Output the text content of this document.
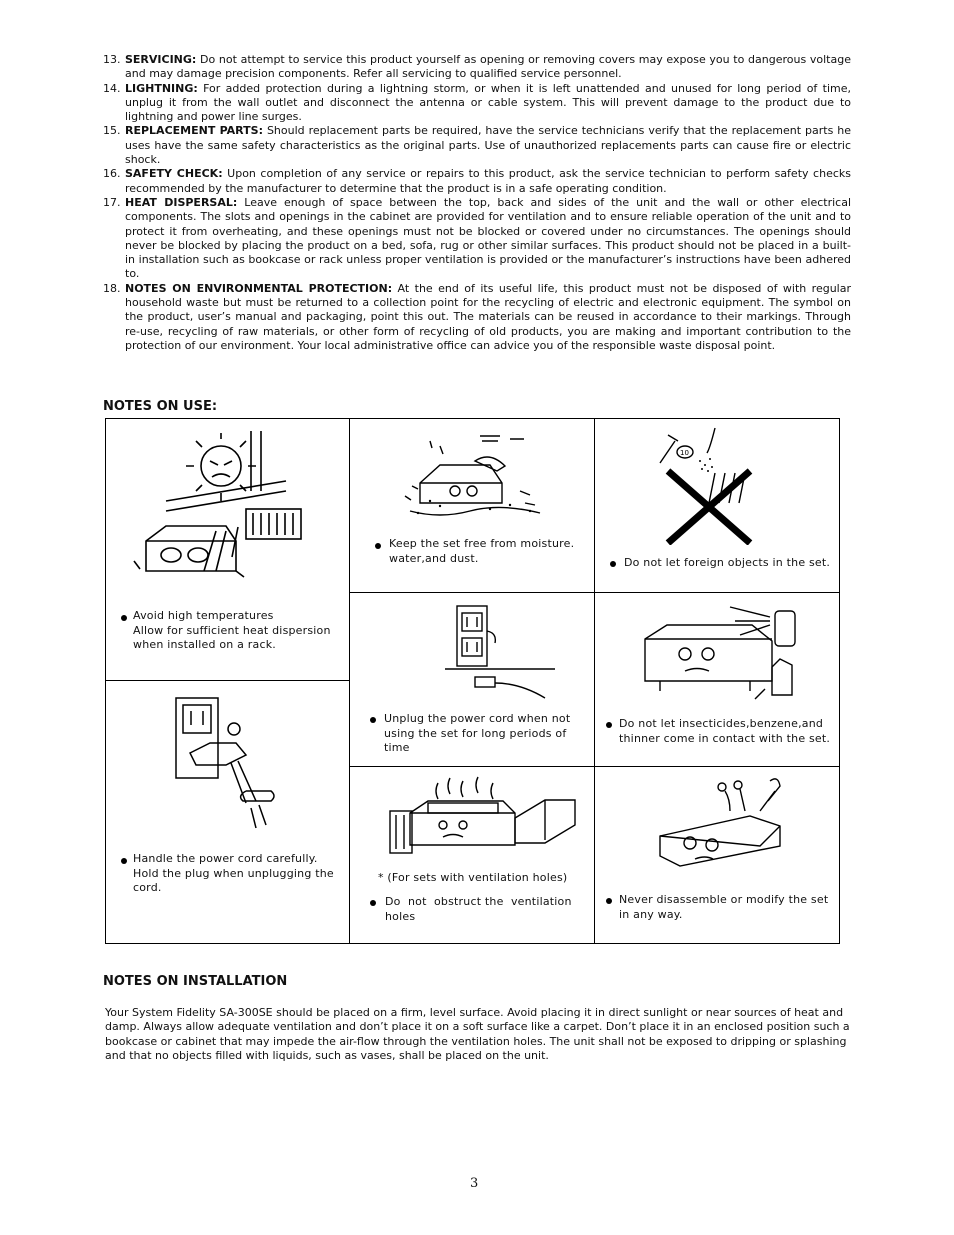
13. SERVICING: Do not attempt to service this product yourself as opening or removing covers may expose you to dangerous voltage and may damage precision components. Refer all servicing to qualified service personnel.
14. LIGHTNING: For added protection during a lightning storm, or when it is left unattended and unused for long period of time, unplug it from the wall outlet and disconnect the antenna or cable system. This will prevent damage to the product due to lightning and power line surges.
15. REPLACEMENT PARTS: Should replacement parts be required, have the service technicians verify that the replacement parts he uses have the same safety characteristics as the original parts. Use of unauthorized replacements parts can cause fire or electric shock.
16. SAFETY CHECK: Upon completion of any service or repairs to this product, ask the service technician to perform safety checks recommended by the manufacturer to determine that the product is in a safe operating condition.
17. HEAT DISPERSAL: Leave enough of space between the top, back and sides of the unit and the wall or other electrical components. The slots and openings in the cabinet are provided for ventilation and to ensure reliable operation of the unit and to protect it from overheating, and these openings must not be blocked or covered under no circumstances. The openings should never be blocked by placing the product on a bed, sofa, rug or other similar surfaces. This product should not be placed in a built-in installation such as bookcase or rack unless proper ventilation is provided or the manufacturer’s instructions have been adhered to.
18. NOTES ON ENVIRONMENTAL PROTECTION: At the end of its useful life, this product must not be disposed of with regular household waste but must be returned to a collection point for the recycling of electric and electronic equipment. The symbol on the product, user’s manual and packaging, point this out. The materials can be reused in accordance to their markings. Through re-use, recycling of raw materials, or other form of recycling of old products, you are making and important contribution to the protection of our environment. Your local administrative office can advice you of the responsible waste disposal point.
NOTES ON USE:
Avoid high temperatures
Allow for sufficient heat dispersion
when installed on a rack.
Keep the set free from moisture.
water,and dust.
10
Do not let foreign objects in the set.
Unplug the power cord when not
using the set for long periods of
time
Do not let insecticides,benzene,and
thinner come in contact with the set.
Handle the power cord carefully.
Hold the plug when unplugging the
cord.
* (For sets with ventilation holes)
Do  not  obstruct the  ventilation
holes
Never disassemble or modify the set
in any way.
NOTES ON INSTALLATION
Your System Fidelity SA-300SE should be placed on a firm, level surface. Avoid placing it in direct sunlight or near sources of heat and damp. Always allow adequate ventilation and don’t place it on a soft surface like a carpet. Don’t place it in an enclosed position such a bookcase or cabinet that may impede the air-flow through the ventilation holes. The unit shall not be exposed to dripping or splashing and that no objects filled with liquids, such as vases, shall be placed on the unit.
3
